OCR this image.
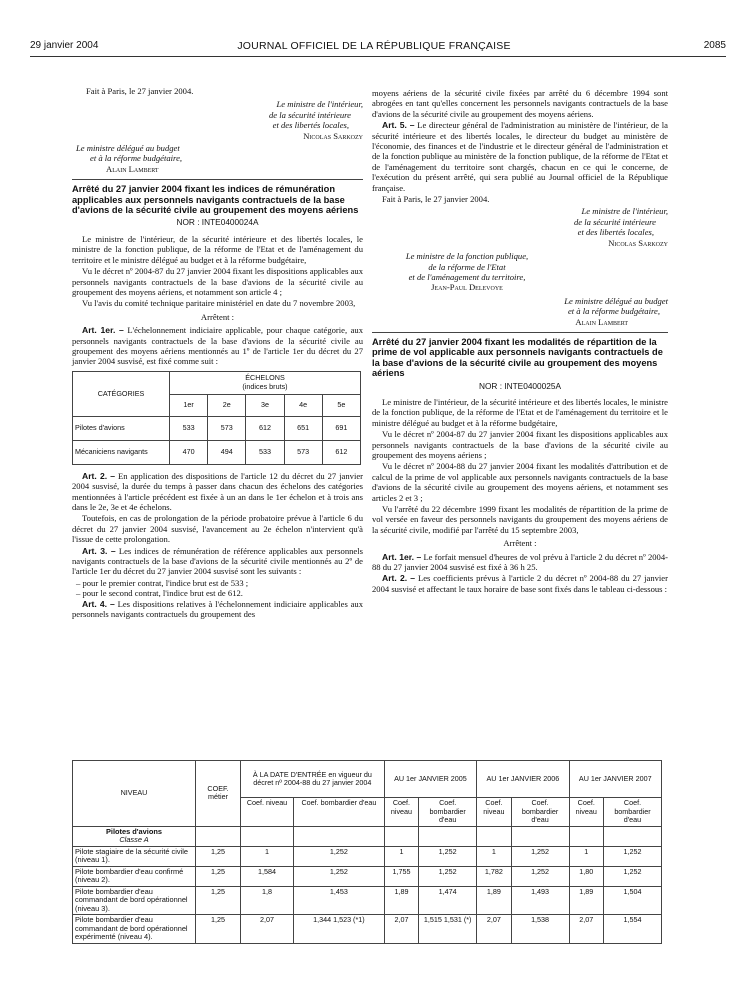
29 janvier 2004	JOURNAL OFFICIEL DE LA RÉPUBLIQUE FRANÇAISE	2085

Fait à Paris, le 27 janvier 2004.

Le ministre de l'intérieur,

de la sécurité intérieure

et des libertés locales,

Nicolas Sarkozy

Le ministre délégué au budget

et à la réforme budgétaire,

Alain Lambert

Arrêté du 27 janvier 2004 fixant les indices de rémunération applicables aux personnels navigants contractuels de la base d'avions de la sécurité civile au groupement des moyens aériens

NOR : INTE0400024A

Le ministre de l'intérieur, de la sécurité intérieure et des libertés locales, le ministre de la fonction publique, de la réforme de l'Etat et de l'aménagement du territoire et le ministre délégué au budget et à la réforme budgétaire,

Vu le décret nº 2004-87 du 27 janvier 2004 fixant les dispositions applicables aux personnels navigants contractuels de la base d'avions de la sécurité civile au groupement des moyens aériens, et notamment son article 4 ;

Vu l'avis du comité technique paritaire ministériel en date du 7 novembre 2003,

Arrêtent :

Art. 1er. – L'échelonnement indiciaire applicable, pour chaque catégorie, aux personnels navigants contractuels de la base d'avions de la sécurité civile au groupement des moyens aériens mentionnés au 1º de l'article 1er du décret du 27 janvier 2004 susvisé, est fixé comme suit :

CATÉGORIES	ÉCHELONS
(indices bruts)				
	1er	2e	3e	4e	5e
Pilotes d'avions	533	573	612	651	691
Mécaniciens navigants	470	494	533	573	612

Art. 2. – En application des dispositions de l'article 12 du décret du 27 janvier 2004 susvisé, la durée du temps à passer dans chacun des échelons des catégories mentionnées à l'article précédent est fixée à un an dans le 1er échelon et à trois ans dans le 2e, 3e et 4e échelons.

Toutefois, en cas de prolongation de la période probatoire prévue à l'article 6 du décret du 27 janvier 2004 susvisé, l'avancement au 2e échelon n'intervient qu'à l'issue de cette prolongation.

Art. 3. – Les indices de rémunération de référence applicables aux personnels navigants contractuels de la base d'avions de la sécurité civile mentionnés au 2º de l'article 1er du décret du 27 janvier 2004 susvisé sont les suivants :

– pour le premier contrat, l'indice brut est de 533 ;

– pour le second contrat, l'indice brut est de 612.

Art. 4. – Les dispositions relatives à l'échelonnement indiciaire applicables aux personnels navigants contractuels du groupement des

moyens aériens de la sécurité civile fixées par arrêté du 6 décembre 1994 sont abrogées en tant qu'elles concernent les personnels navigants contractuels de la base d'avions de la sécurité civile au groupement des moyens aériens.

Art. 5. – Le directeur général de l'administration au ministère de l'intérieur, de la sécurité intérieure et des libertés locales, le directeur du budget au ministère de l'économie, des finances et de l'industrie et le directeur général de l'administration et de la fonction publique au ministère de la fonction publique, de la réforme de l'Etat et de l'aménagement du territoire sont chargés, chacun en ce qui le concerne, de l'exécution du présent arrêté, qui sera publié au Journal officiel de la République française.

Fait à Paris, le 27 janvier 2004.

Le ministre de l'intérieur,

de la sécurité intérieure

et des libertés locales,

Nicolas Sarkozy

Le ministre de la fonction publique,

de la réforme de l'Etat

et de l'aménagement du territoire,

Jean-Paul Delevoye

Le ministre délégué au budget

et à la réforme budgétaire,

Alain Lambert

Arrêté du 27 janvier 2004 fixant les modalités de répartition de la prime de vol applicable aux personnels navigants contractuels de la base d'avions de la sécurité civile au groupement des moyens aériens

NOR : INTE0400025A

Le ministre de l'intérieur, de la sécurité intérieure et des libertés locales, le ministre de la fonction publique, de la réforme de l'Etat et de l'aménagement du territoire et le ministre délégué au budget et à la réforme budgétaire,

Vu le décret nº 2004-87 du 27 janvier 2004 fixant les dispositions applicables aux personnels navigants contractuels de la base d'avions de la sécurité civile au groupement des moyens aériens ;

Vu le décret nº 2004-88 du 27 janvier 2004 fixant les modalités d'attribution et de calcul de la prime de vol applicable aux personnels navigants contractuels de la base d'avions de la sécurité civile au groupement des moyens aériens, et notamment ses articles 2 et 3 ;

Vu l'arrêté du 22 décembre 1999 fixant les modalités de répartition de la prime de vol versée en faveur des personnels navigants du groupement des moyens aériens de la sécurité civile, modifié par l'arrêté du 15 septembre 2003,

Arrêtent :

Art. 1er. – Le forfait mensuel d'heures de vol prévu à l'article 2 du décret nº 2004-88 du 27 janvier 2004 susvisé est fixé à 36 h 25.

Art. 2. – Les coefficients prévus à l'article 2 du décret nº 2004-88 du 27 janvier 2004 susvisé et affectant le taux horaire de base sont fixés dans le tableau ci-dessous :

NIVEAU	COEF. métier	À LA DATE D'ENTRÉE en vigueur du décret nº 2004-88 du 27 janvier 2004		AU 1er JANVIER 2005		AU 1er JANVIER 2006		AU 1er JANVIER 2007	
		Coef. niveau	Coef. bombardier d'eau	Coef. niveau	Coef. bombardier d'eau	Coef. niveau	Coef. bombardier d'eau	Coef. niveau	Coef. bombardier d'eau
Pilotes d'avions
Classe A									
Pilote stagiaire de la sécurité civile (niveau 1).	1,25	1	1,252	1	1,252	1	1,252	1	1,252
Pilote bombardier d'eau confirmé (niveau 2).	1,25	1,584	1,252	1,755	1,252	1,782	1,252	1,80	1,252
Pilote bombardier d'eau commandant de bord opérationnel (niveau 3).	1,25	1,8	1,453	1,89	1,474	1,89	1,493	1,89	1,504
Pilote bombardier d'eau commandant de bord opérationnel expérimenté (niveau 4).	1,25	2,07	1,344 1,523 (*1)	2,07	1,515 1,531 (*)	2,07	1,538	2,07	1,554
